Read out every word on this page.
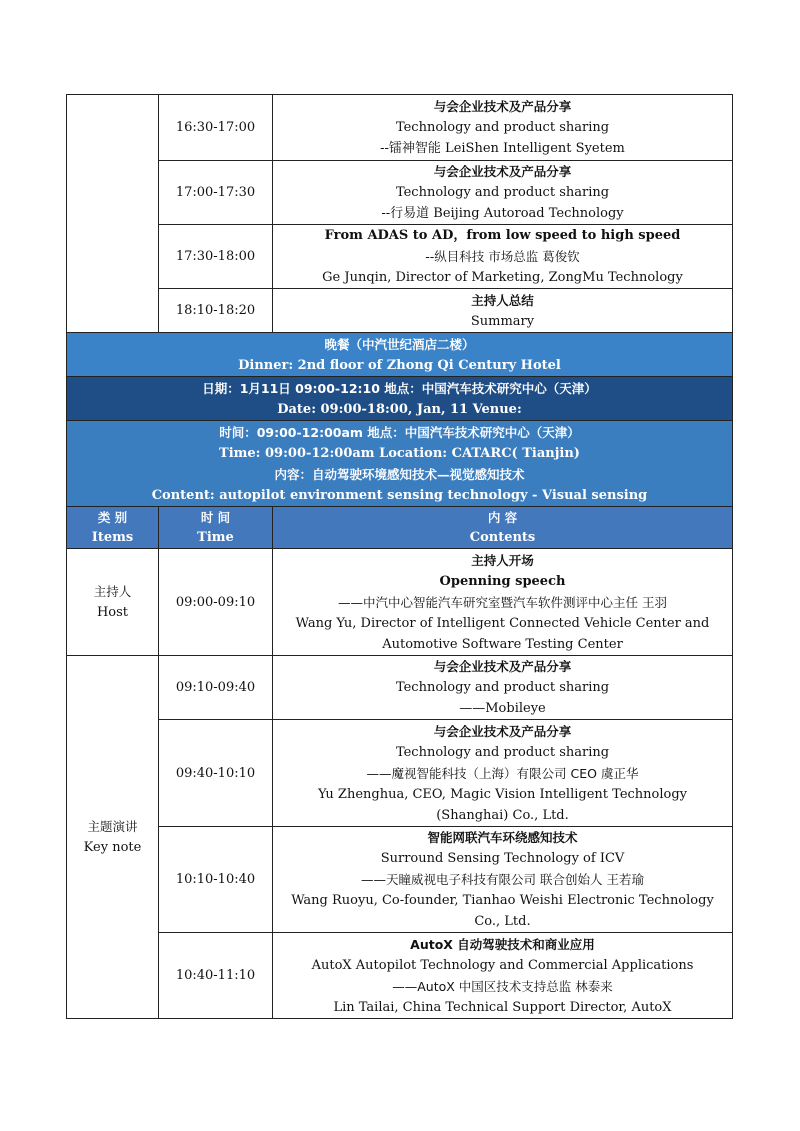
	16:30-17:00	与会企业技术及产品分享
Technology and product sharing
--镭神智能 LeiShen Intelligent Syetem

	17:00-17:30	与会企业技术及产品分享
Technology and product sharing
--行易道 Beijing Autoroad Technology

	17:30-18:00	From ADAS to AD，from low speed to high speed
--纵目科技 市场总监 葛俊钦
Ge Junqin, Director of Marketing, ZongMu Technology

	18:10-18:20	主持人总结
Summary

晚餐（中汽世纪酒店二楼）
Dinner: 2nd floor of Zhong Qi Century Hotel		

日期：1月11日 09:00-12:10 地点：中国汽车技术研究中心（天津）
Date: 09:00-18:00, Jan, 11 Venue:		

时间：09:00-12:00am 地点：中国汽车技术研究中心（天津）
Time: 09:00-12:00am Location: CATARC( Tianjin)
内容：自动驾驶环境感知技术—视觉感知技术
Content: autopilot environment sensing technology - Visual sensing		

类 别
Items	时 间
Time	内 容
Contents

主持人
Host	09:00-09:10	主持人开场
Openning speech
——中汽中心智能汽车研究室暨汽车软件测评中心主任 王羽
Wang Yu, Director of Intelligent Connected Vehicle Center and
Automotive Software Testing Center

主题演讲
Key note	09:10-09:40	与会企业技术及产品分享
Technology and product sharing
——Mobileye

	09:40-10:10	与会企业技术及产品分享
Technology and product sharing
——魔视智能科技（上海）有限公司 CEO 虞正华
Yu Zhenghua, CEO, Magic Vision Intelligent Technology
(Shanghai) Co., Ltd.

	10:10-10:40	智能网联汽车环绕感知技术
Surround Sensing Technology of ICV
——天瞳威视电子科技有限公司 联合创始人 王若瑜
Wang Ruoyu, Co-founder, Tianhao Weishi Electronic Technology
Co., Ltd.

	10:40-11:10	AutoX 自动驾驶技术和商业应用
AutoX Autopilot Technology and Commercial Applications
——AutoX 中国区技术支持总监 林泰来
Lin Tailai, China Technical Support Director, AutoX
